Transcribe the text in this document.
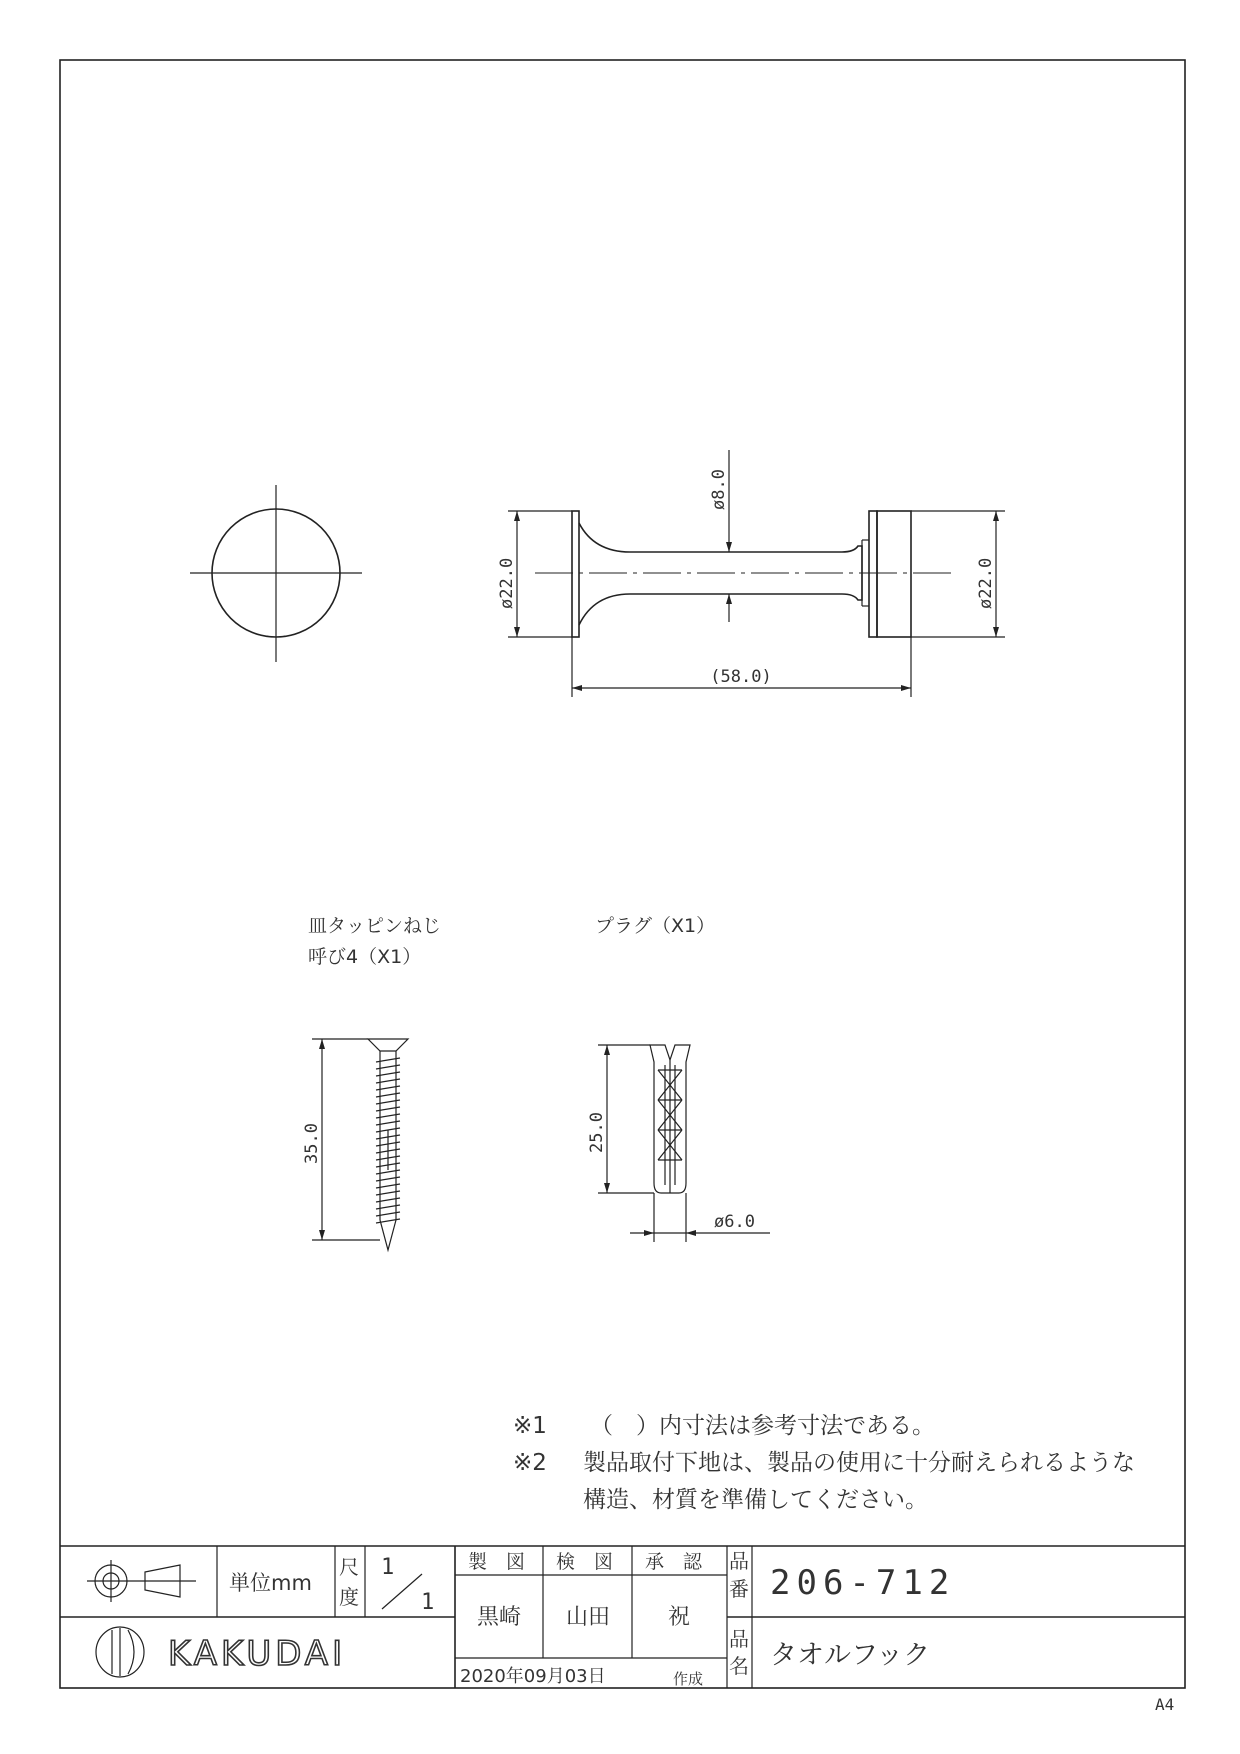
ø22.0	ø22.0
ø8.0
(58.0)
皿タッピンねじ
呼び4（X1）
35.0
プラグ（X1）
25.0
ø6.0
※1 （　）内寸法は参考寸法である。
※2 製品取付下地は、製品の使用に十分耐えられるような
構造、材質を準備してください。
単位mm
尺
度
1
1
製　図 検　図 承　認
黒崎 山田	祝
2020年09月03日	作成
品
番 206-712
品
名 タオルフック
KAKUDAI
A4
